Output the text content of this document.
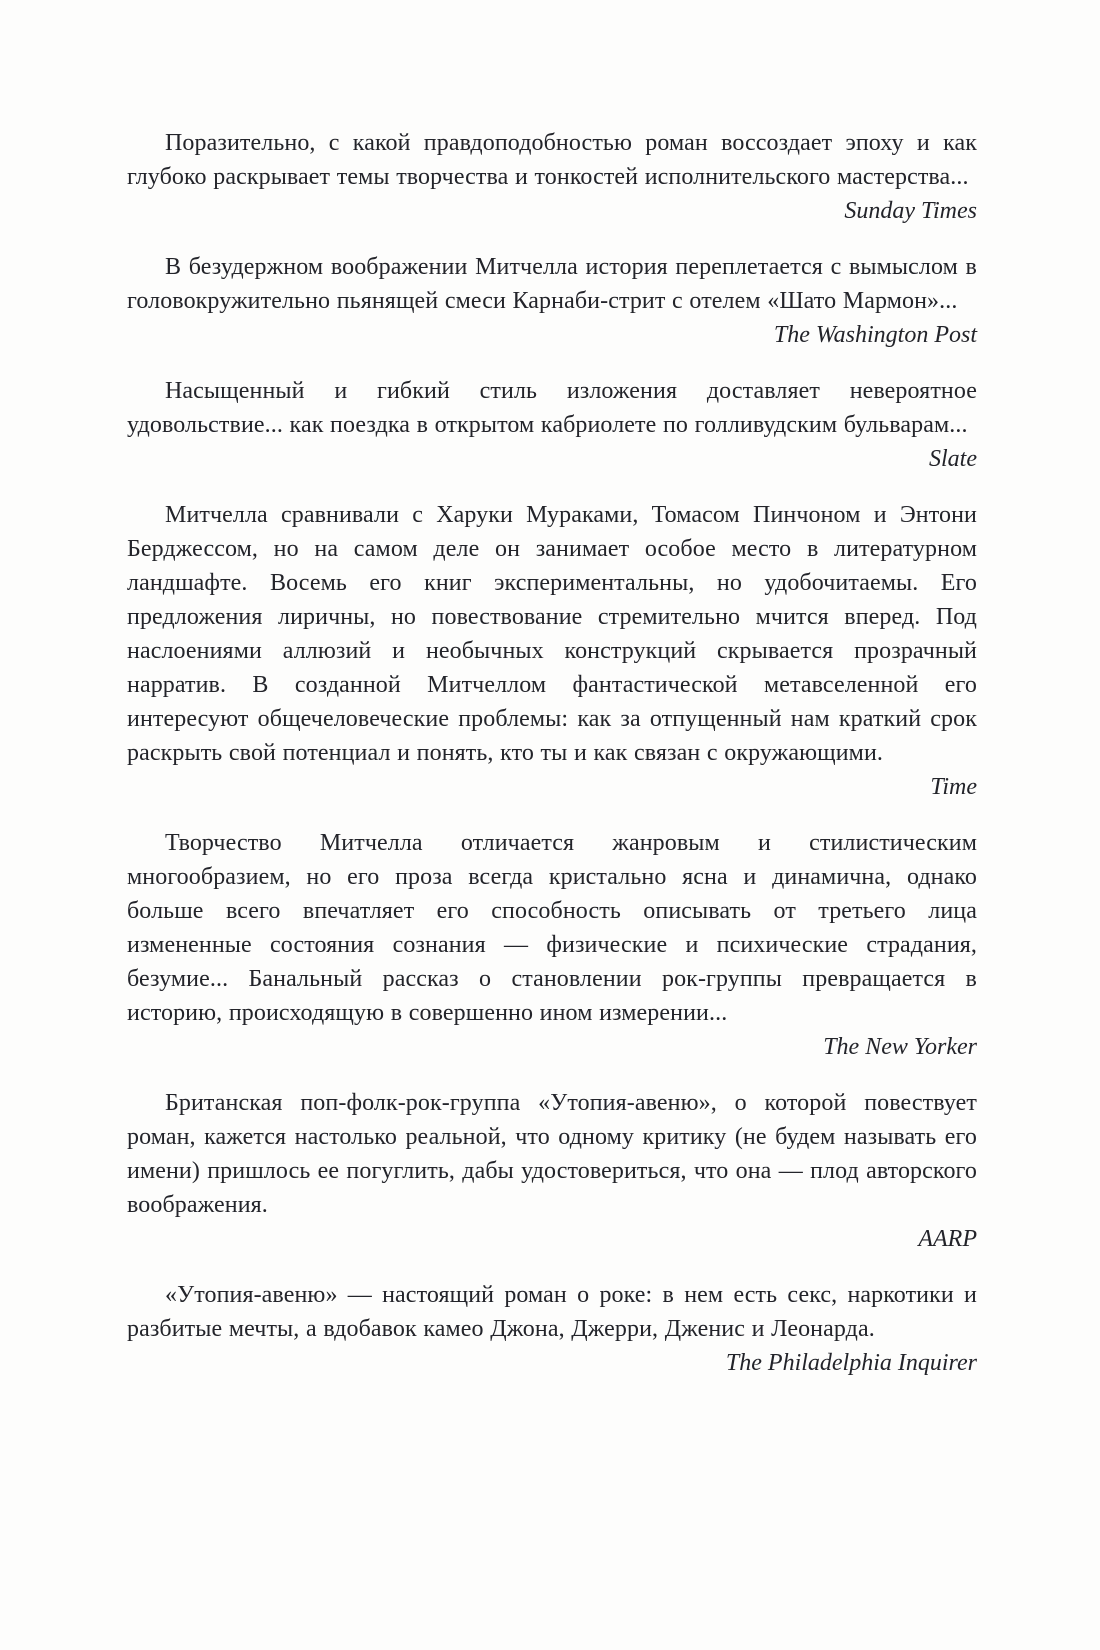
Поразительно, с какой правдоподобностью роман воссоздает эпоху и как глубоко раскрывает темы творчества и тонкостей исполнительского мастерства...

Sunday Times

В безудержном воображении Митчелла история переплетается с вымыслом в головокружительно пьянящей смеси Карнаби-стрит с отелем «Шато Мармон»...

The Washington Post

Насыщенный и гибкий стиль изложения доставляет невероятное удовольствие... как поездка в открытом кабриолете по голливудским бульварам...

Slate

Митчелла сравнивали с Харуки Мураками, Томасом Пинчоном и Энтони Берджессом, но на самом деле он занимает особое место в литературном ландшафте. Восемь его книг экспериментальны, но удобочитаемы. Его предложения лиричны, но повествование стремительно мчится вперед. Под наслоениями аллюзий и необычных конструкций скрывается прозрачный нарратив. В созданной Митчеллом фантастической метавселенной его интересуют общечеловеческие проблемы: как за отпущенный нам краткий срок раскрыть свой потенциал и понять, кто ты и как связан с окружающими.

Time

Творчество Митчелла отличается жанровым и стилистическим многообразием, но его проза всегда кристально ясна и динамична, однако больше всего впечатляет его способность описывать от третьего лица измененные состояния сознания — физические и психические страдания, безумие... Банальный рассказ о становлении рок-группы превращается в историю, происходящую в совершенно ином измерении...

The New Yorker

Британская поп-фолк-рок-группа «Утопия-авеню», о которой повествует роман, кажется настолько реальной, что одному критику (не будем называть его имени) пришлось ее погуглить, дабы удостовериться, что она — плод авторского воображения.

AARP

«Утопия-авеню» — настоящий роман о роке: в нем есть секс, наркотики и разбитые мечты, а вдобавок камео Джона, Джерри, Дженис и Леонарда.

The Philadelphia Inquirer
